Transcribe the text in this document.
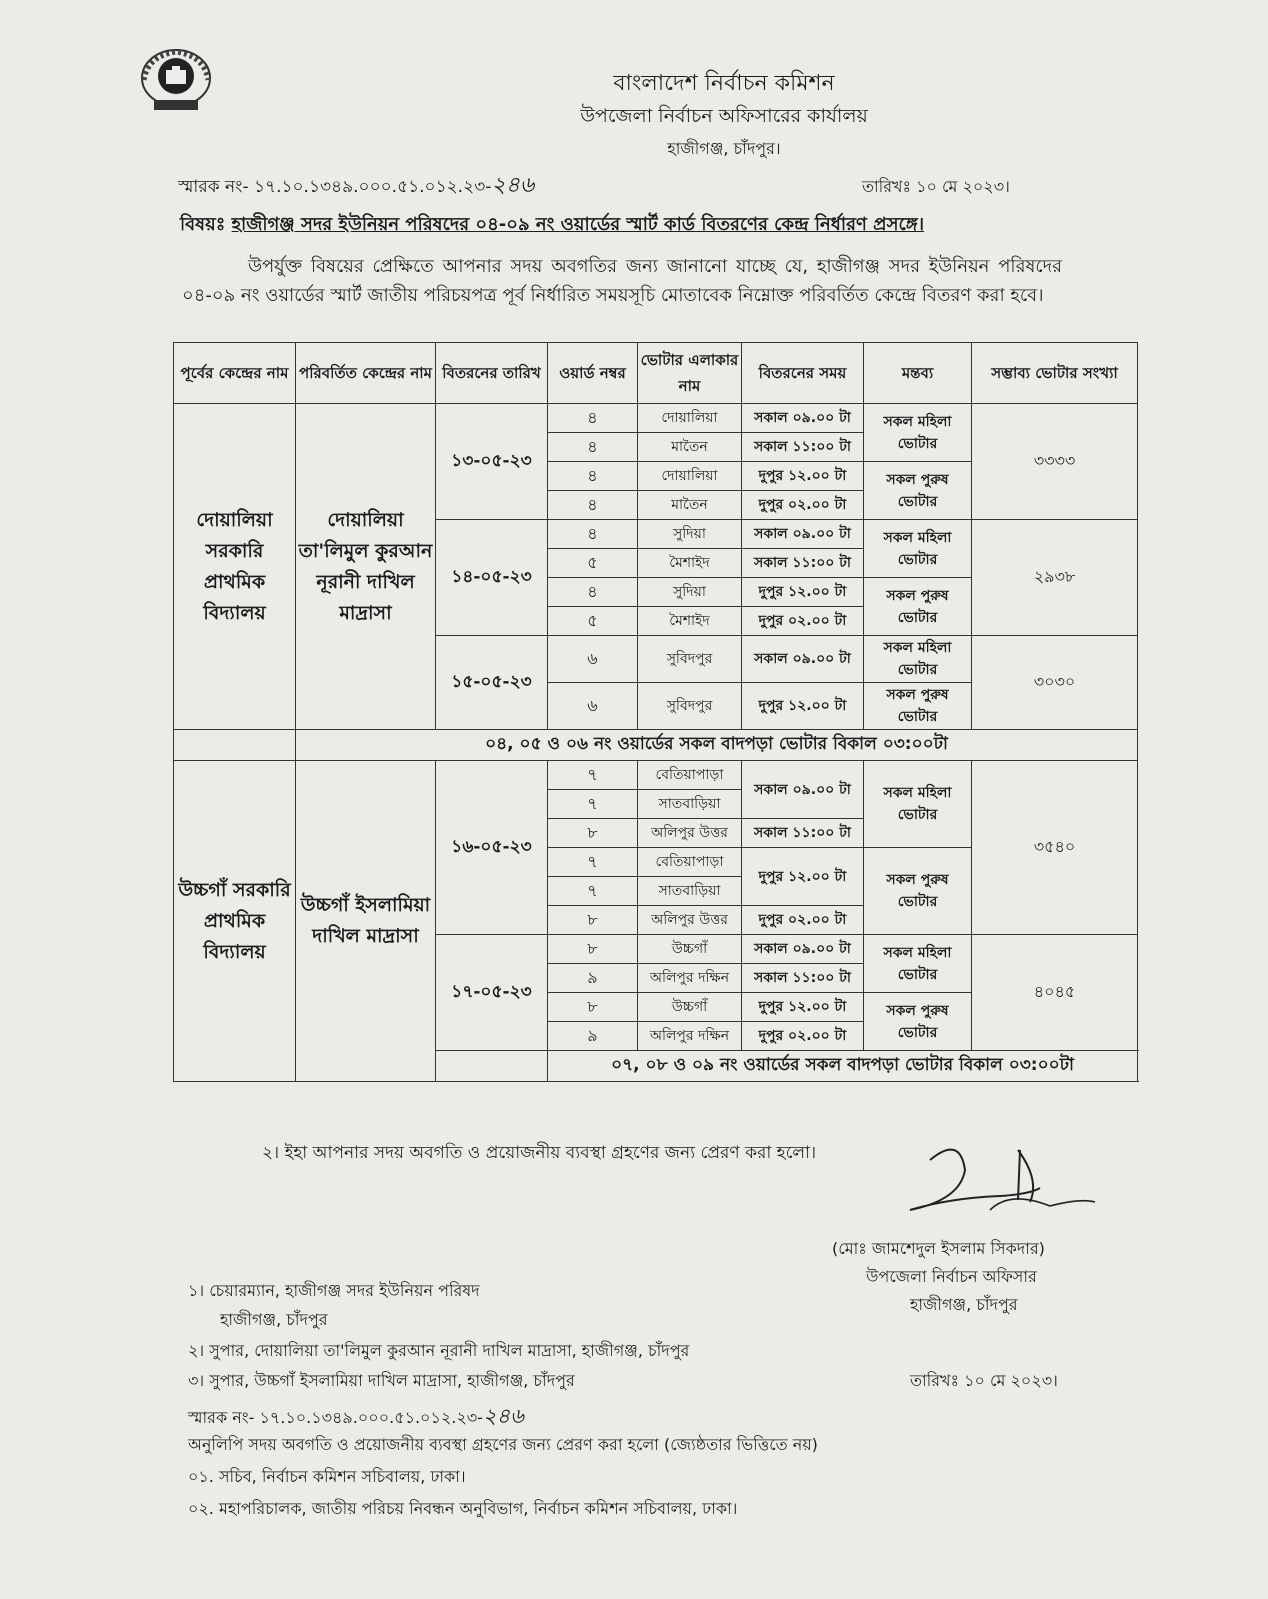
বাংলাদেশ নির্বাচন কমিশন
উপজেলা নির্বাচন অফিসারের কার্যালয়
হাজীগঞ্জ, চাঁদপুর।
স্মারক নং- ১৭.১০.১৩৪৯.০০০.৫১.০১২.২৩-২৪৬	তারিখঃ ১০ মে ২০২৩।
বিষয়ঃ হাজীগঞ্জ সদর ইউনিয়ন পরিষদের ০৪-০৯ নং ওয়ার্ডের স্মার্ট কার্ড বিতরণের কেন্দ্র নির্ধারণ প্রসঙ্গে।
উপর্যুক্ত বিষয়ের প্রেক্ষিতে আপনার সদয় অবগতির জন্য জানানো যাচ্ছে যে, হাজীগঞ্জ সদর ইউনিয়ন পরিষদের ০৪-০৯ নং ওয়ার্ডের স্মার্ট জাতীয় পরিচয়পত্র পূর্ব নির্ধারিত সময়সূচি মোতাবেক নিম্নোক্ত পরিবর্তিত কেন্দ্রে বিতরণ করা হবে।
পূর্বের কেন্দ্রের নাম	পরিবর্তিত কেন্দ্রের নাম	বিতরনের তারিখ	ওয়ার্ড নম্বর	ভোটার এলাকার নাম	বিতরনের সময়	মন্তব্য	সম্ভাব্য ভোটার সংখ্যা
দোয়ালিয়া সরকারি প্রাথমিক বিদ্যালয়	দোয়ালিয়া তা'লিমুল কুরআন নূরানী দাখিল মাদ্রাসা	১৩-০৫-২৩	৪	দোয়ালিয়া	সকাল ০৯.০০ টা	সকল মহিলা ভোটার	৩৩৩৩
			৪	মাতৈন	সকাল ১১:০০ টা		
			৪	দোয়ালিয়া	দুপুর ১২.০০ টা	সকল পুরুষ ভোটার	
			৪	মাতৈন	দুপুর ০২.০০ টা		
		১৪-০৫-২৩	৪	সুদিয়া	সকাল ০৯.০০ টা	সকল মহিলা ভোটার	২৯৩৮
			৫	মৈশাইদ	সকাল ১১:০০ টা		
			৪	সুদিয়া	দুপুর ১২.০০ টা	সকল পুরুষ ভোটার	
			৫	মৈশাইদ	দুপুর ০২.০০ টা		
		১৫-০৫-২৩	৬	সুবিদপুর	সকাল ০৯.০০ টা	সকল মহিলা ভোটার	৩০৩০
			৬	সুবিদপুর	দুপুর ১২.০০ টা	সকল পুরুষ ভোটার	
	০৪, ০৫ ও ০৬ নং ওয়ার্ডের সকল বাদপড়া ভোটার বিকাল ০৩:০০টা						
উচ্চগাঁ সরকারি প্রাথমিক বিদ্যালয়	উচ্চগাঁ ইসলামিয়া দাখিল মাদ্রাসা	১৬-০৫-২৩	৭	বেতিয়াপাড়া	সকাল ০৯.০০ টা	সকল মহিলা ভোটার	৩৫৪০
			৭	সাতবাড়িয়া			
			৮	অলিপুর উত্তর	সকাল ১১:০০ টা		
			৭	বেতিয়াপাড়া	দুপুর ১২.০০ টা	সকল পুরুষ ভোটার	
			৭	সাতবাড়িয়া			
			৮	অলিপুর উত্তর	দুপুর ০২.০০ টা		
		১৭-০৫-২৩	৮	উচ্চগাঁ	সকাল ০৯.০০ টা	সকল মহিলা ভোটার	৪০৪৫
			৯	অলিপুর দক্ষিন	সকাল ১১:০০ টা		
			৮	উচ্চগাঁ	দুপুর ১২.০০ টা	সকল পুরুষ ভোটার	
			৯	অলিপুর দক্ষিন	দুপুর ০২.০০ টা		
			০৭, ০৮ ও ০৯ নং ওয়ার্ডের সকল বাদপড়া ভোটার বিকাল ০৩:০০টা				
২। ইহা আপনার সদয় অবগতি ও প্রয়োজনীয় ব্যবস্থা গ্রহণের জন্য প্রেরণ করা হলো।
(মোঃ জামশেদুল ইসলাম সিকদার)
উপজেলা নির্বাচন অফিসার
হাজীগঞ্জ, চাঁদপুর
১। চেয়ারম্যান, হাজীগঞ্জ সদর ইউনিয়ন পরিষদ
হাজীগঞ্জ, চাঁদপুর
২। সুপার, দোয়ালিয়া তা'লিমুল কুরআন নূরানী দাখিল মাদ্রাসা, হাজীগঞ্জ, চাঁদপুর
৩। সুপার, উচ্চগাঁ ইসলামিয়া দাখিল মাদ্রাসা, হাজীগঞ্জ, চাঁদপুর
স্মারক নং- ১৭.১০.১৩৪৯.০০০.৫১.০১২.২৩-২৪৬
তারিখঃ ১০ মে ২০২৩।
অনুলিপি সদয় অবগতি ও প্রয়োজনীয় ব্যবস্থা গ্রহণের জন্য প্রেরণ করা হলো (জ্যেষ্ঠতার ভিত্তিতে নয়)
০১. সচিব, নির্বাচন কমিশন সচিবালয়, ঢাকা।
০২. মহাপরিচালক, জাতীয় পরিচয় নিবন্ধন অনুবিভাগ, নির্বাচন কমিশন সচিবালয়, ঢাকা।
